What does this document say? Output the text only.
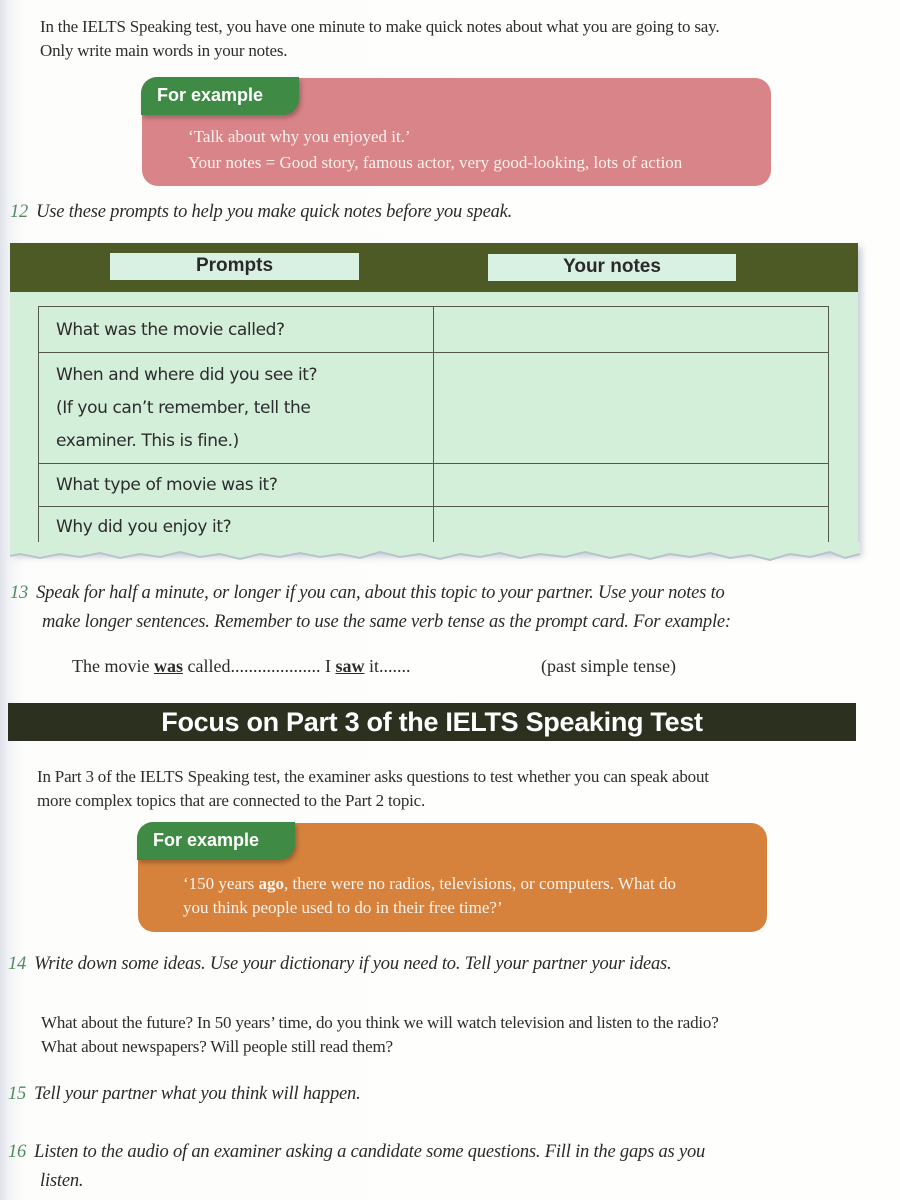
In the IELTS Speaking test, you have one minute to make quick notes about what you are going to say.
Only write main words in your notes.
For example
‘Talk about why you enjoyed it.’
Your notes = Good story, famous actor, very good-looking, lots of action
12 Use these prompts to help you make quick notes before you speak.
Prompts	Your notes
What was the movie called?	

When and where did you see it?
(If you can’t remember, tell the
examiner. This is fine.)	

What type of movie was it?	
Why did you enjoy it?	
13 Speak for half a minute, or longer if you can, about this topic to your partner. Use your notes to
make longer sentences. Remember to use the same verb tense as the prompt card. For example:
The movie was called.................... I saw it.......	(past simple tense)
Focus on Part 3 of the IELTS Speaking Test
In Part 3 of the IELTS Speaking test, the examiner asks questions to test whether you can speak about
more complex topics that are connected to the Part 2 topic.
For example
‘150 years ago, there were no radios, televisions, or computers. What do
you think people used to do in their free time?’
14 Write down some ideas. Use your dictionary if you need to. Tell your partner your ideas.
What about the future? In 50 years’ time, do you think we will watch television and listen to the radio?
What about newspapers? Will people still read them?
15 Tell your partner what you think will happen.
16 Listen to the audio of an examiner asking a candidate some questions. Fill in the gaps as you
listen.
